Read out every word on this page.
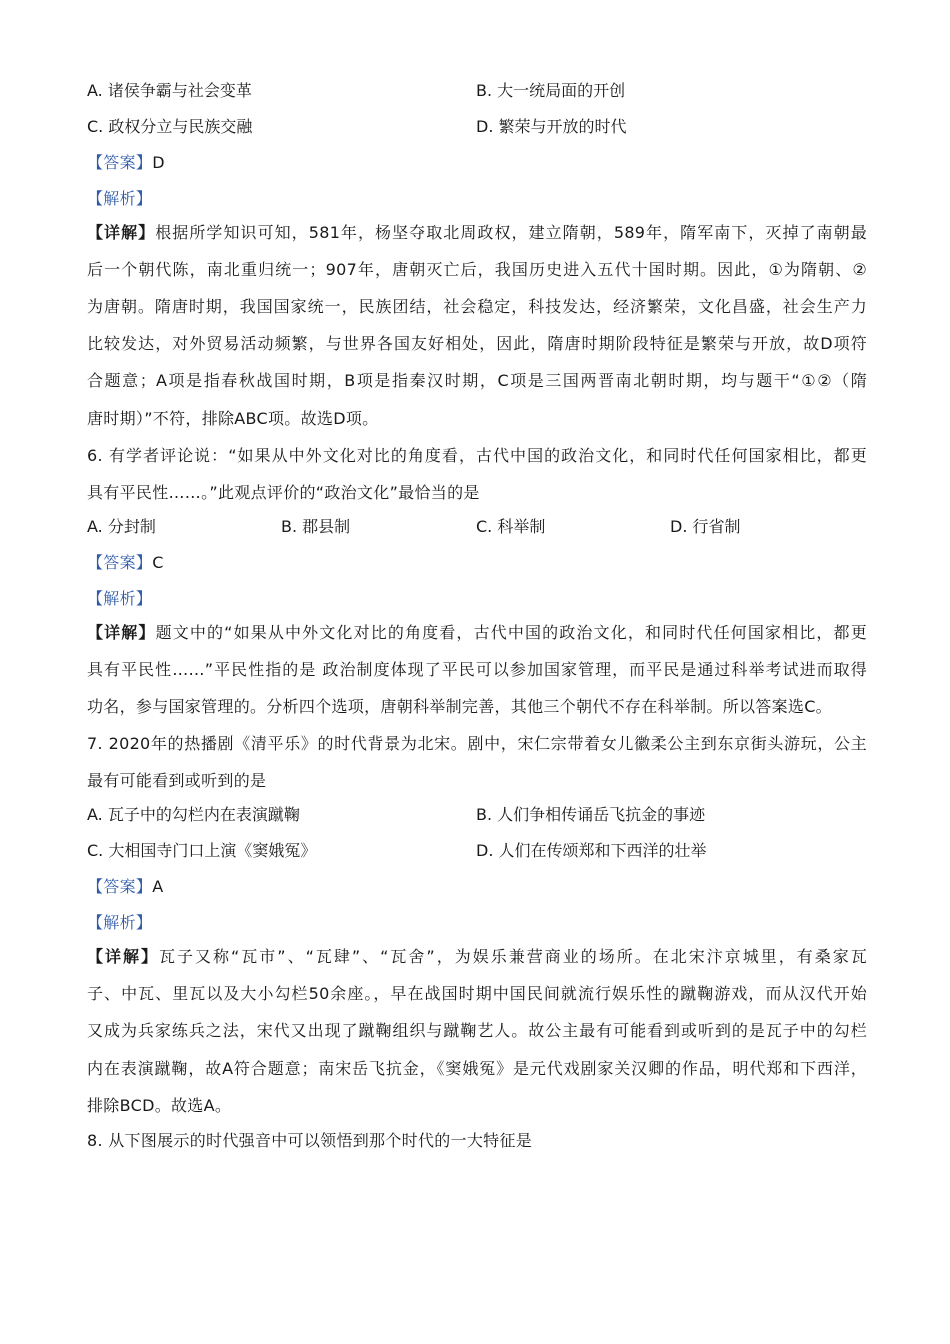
A. 诸侯争霸与社会变革	B. 大一统局面的开创
C. 政权分立与民族交融	D. 繁荣与开放的时代
【答案】D
【解析】
【详解】根据所学知识可知，581年，杨坚夺取北周政权，建立隋朝，589年，隋军南下，灭掉了南朝最
后一个朝代陈，南北重归统一；907年，唐朝灭亡后，我国历史进入五代十国时期。因此，①为隋朝、②
为唐朝。隋唐时期，我国国家统一，民族团结，社会稳定，科技发达，经济繁荣，文化昌盛，社会生产力
比较发达，对外贸易活动频繁，与世界各国友好相处，因此，隋唐时期阶段特征是繁荣与开放，故D项符
合题意；A项是指春秋战国时期，B项是指秦汉时期，C项是三国两晋南北朝时期，均与题干“①②（隋
唐时期）”不符，排除ABC项。故选D项。
6. 有学者评论说：“如果从中外文化对比的角度看，古代中国的政治文化，和同时代任何国家相比，都更
具有平民性……。”此观点评价的“政治文化”最恰当的是
A. 分封制	B. 郡县制	C. 科举制	D. 行省制
【答案】C
【解析】
【详解】题文中的“如果从中外文化对比的角度看，古代中国的政治文化，和同时代任何国家相比，都更
具有平民性……”平民性指的是 政治制度体现了平民可以参加国家管理，而平民是通过科举考试进而取得
功名，参与国家管理的。分析四个选项，唐朝科举制完善，其他三个朝代不存在科举制。所以答案选C。
7. 2020年的热播剧《清平乐》的时代背景为北宋。剧中，宋仁宗带着女儿徽柔公主到东京街头游玩，公主
最有可能看到或听到的是
A. 瓦子中的勾栏内在表演蹴鞠	B. 人们争相传诵岳飞抗金的事迹
C. 大相国寺门口上演《窦娥冤》	D. 人们在传颂郑和下西洋的壮举
【答案】A
【解析】
【详解】瓦子又称“瓦市”、“瓦肆”、“瓦舍”，为娱乐兼营商业的场所。在北宋汴京城里，有桑家瓦
子、中瓦、里瓦以及大小勾栏50余座。，早在战国时期中国民间就流行娱乐性的蹴鞠游戏，而从汉代开始
又成为兵家练兵之法，宋代又出现了蹴鞠组织与蹴鞠艺人。故公主最有可能看到或听到的是瓦子中的勾栏
内在表演蹴鞠，故A符合题意；南宋岳飞抗金，《窦娥冤》是元代戏剧家关汉卿的作品，明代郑和下西洋，
排除BCD。故选A。
8. 从下图展示的时代强音中可以领悟到那个时代的一大特征是
